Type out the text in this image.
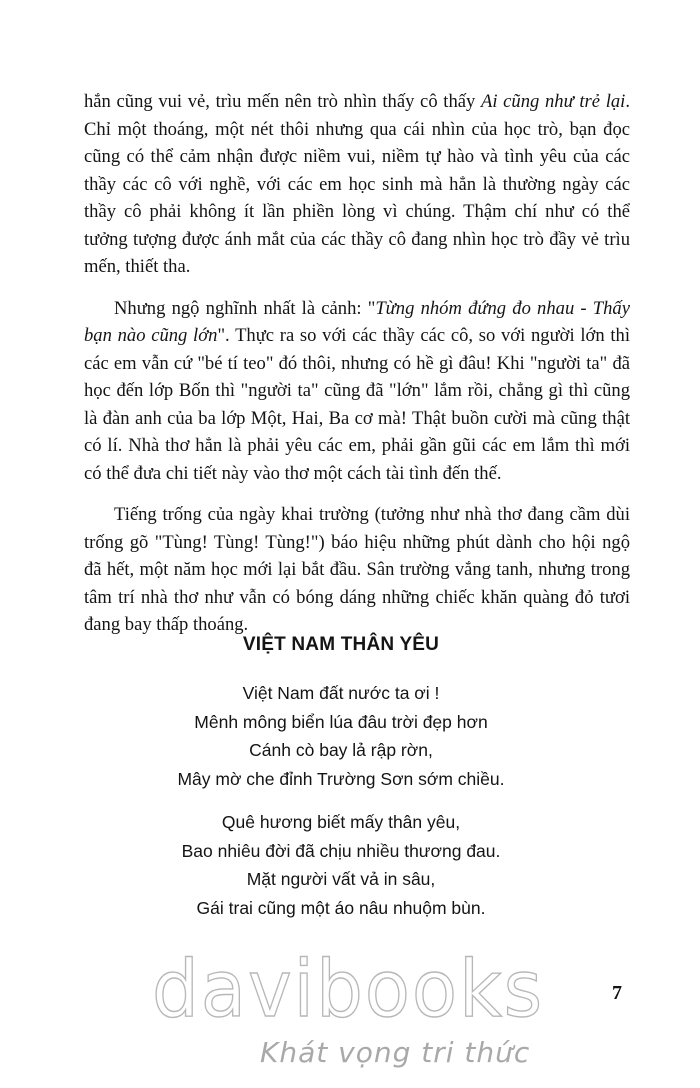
hắn cũng vui vẻ, trìu mến nên trò nhìn thấy cô thấy Ai cũng như trẻ lại. Chỉ một thoáng, một nét thôi nhưng qua cái nhìn của học trò, bạn đọc cũng có thể cảm nhận được niềm vui, niềm tự hào và tình yêu của các thầy các cô với nghề, với các em học sinh mà hẳn là thường ngày các thầy cô phải không ít lần phiền lòng vì chúng. Thậm chí như có thể tưởng tượng được ánh mắt của các thầy cô đang nhìn học trò đầy vẻ trìu mến, thiết tha.

Nhưng ngộ nghĩnh nhất là cảnh: "Từng nhóm đứng đo nhau - Thấy bạn nào cũng lớn". Thực ra so với các thầy các cô, so với người lớn thì các em vẫn cứ "bé tí teo" đó thôi, nhưng có hề gì đâu! Khi "người ta" đã học đến lớp Bốn thì "người ta" cũng đã "lớn" lắm rồi, chẳng gì thì cũng là đàn anh của ba lớp Một, Hai, Ba cơ mà! Thật buồn cười mà cũng thật có lí. Nhà thơ hẳn là phải yêu các em, phải gần gũi các em lắm thì mới có thể đưa chi tiết này vào thơ một cách tài tình đến thế.

Tiếng trống của ngày khai trường (tưởng như nhà thơ đang cầm dùi trống gõ "Tùng! Tùng! Tùng!") báo hiệu những phút dành cho hội ngộ đã hết, một năm học mới lại bắt đầu. Sân trường vắng tanh, nhưng trong tâm trí nhà thơ như vẫn có bóng dáng những chiếc khăn quàng đỏ tươi đang bay thấp thoáng.

VIỆT NAM THÂN YÊU
Việt Nam đất nước ta ơi !
Mênh mông biển lúa đâu trời đẹp hơn
Cánh cò bay lả rập rờn,
Mây mờ che đỉnh Trường Sơn sớm chiều.
Quê hương biết mấy thân yêu,
Bao nhiêu đời đã chịu nhiều thương đau.
Mặt người vất vả in sâu,
Gái trai cũng một áo nâu nhuộm bùn.
7
davibooks
Khát vọng tri thức
